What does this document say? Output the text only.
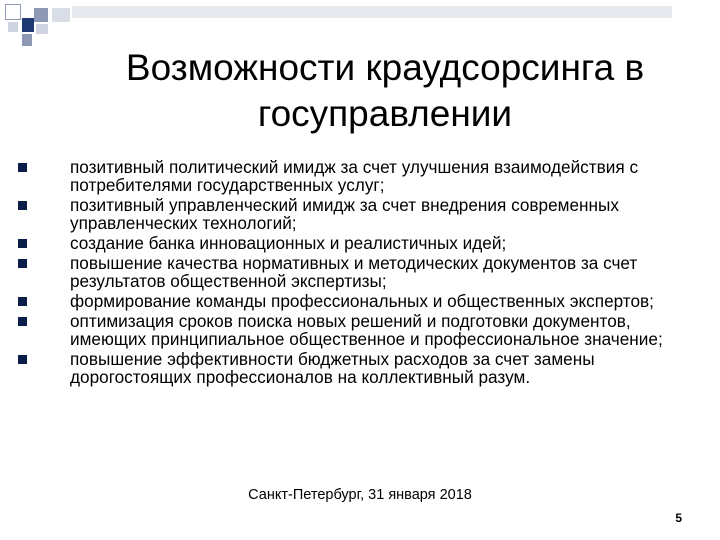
Возможности краудсорсинга в госуправлении
позитивный политический имидж за счет улучшения взаимодействия с потребителями государственных услуг;
позитивный управленческий имидж за счет внедрения современных управленческих технологий;
создание банка инновационных и реалистичных идей;
повышение качества нормативных и методических документов за счет результатов общественной экспертизы;
формирование команды профессиональных и общественных экспертов;
оптимизация сроков поиска новых решений и подготовки документов, имеющих принципиальное общественное и профессиональное значение;
повышение эффективности бюджетных расходов за счет замены дорогостоящих профессионалов на коллективный разум.
Санкт-Петербург, 31 января 2018
5
